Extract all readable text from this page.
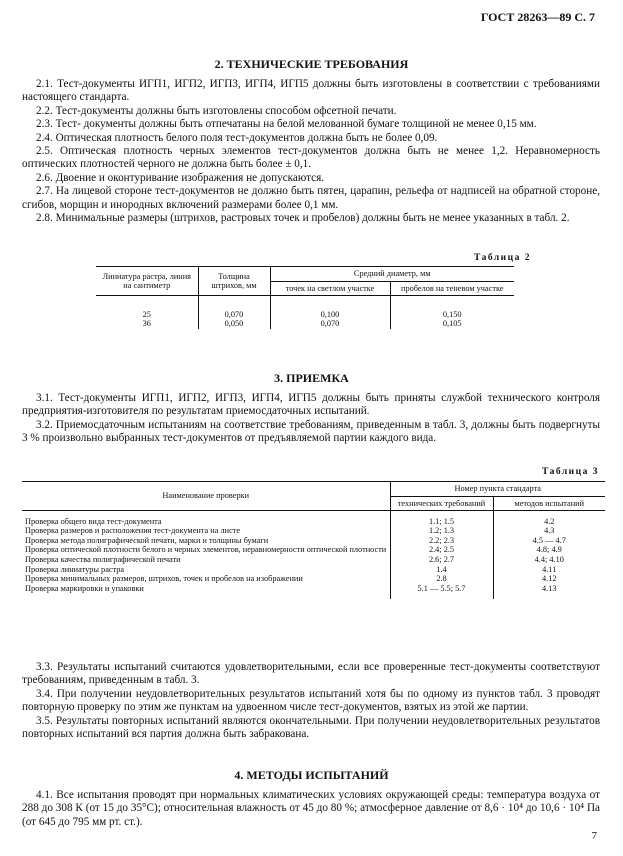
ГОСТ 28263—89 С. 7
2. ТЕХНИЧЕСКИЕ ТРЕБОВАНИЯ

2.1. Тест-документы ИГП1, ИГП2, ИГП3, ИГП4, ИГП5 должны быть изготовлены в соответствии с требованиями настоящего стандарта.

2.2. Тест-документы должны быть изготовлены способом офсетной печати.

2.3. Тест- документы должны быть отпечатаны на белой мелованной бумаге толщиной не менее 0,15 мм.

2.4. Оптическая плотность белого поля тест-документов должна быть не более 0,09.

2.5. Оптическая плотность черных элементов тест-документов должна быть не менее 1,2. Неравномерность оптических плотностей черного не должна быть более ± 0,1.

2.6. Двоение и оконтуривание изображения не допускаются.

2.7. На лицевой стороне тест-документов не должно быть пятен, царапин, рельефа от надписей на обратной стороне, сгибов, морщин и инородных включений размерами более 0,1 мм.

2.8. Минимальные размеры (штрихов, растровых точек и пробелов) должны быть не менее указанных в табл. 2.

Таблица 2
Линиатура растра, линия на сантиметр	Толщина штрихов, мм	Средний диаметр, мм	
		точек на светлом участке	пробелов на теневом участке

25	0,070	0,100	0,150
36	0,050	0,070	0,105
3. ПРИЕМКА

3.1. Тест-документы ИГП1, ИГП2, ИГП3, ИГП4, ИГП5 должны быть приняты службой технического контроля предприятия-изготовителя по результатам приемосдаточных испытаний.

3.2. Приемосдаточным испытаниям на соответствие требованиям, приведенным в табл. 3, должны быть подвергнуты 3 % произвольно выбранных тест-документов от предъявляемой партии каждого вида.

Таблица 3
Наименование проверки	Номер пункта стандарта	
	технических требований	методов испытаний

Проверка общего вида тест-документа	1.1; 1.5	4.2
Проверка размеров и расположения тест-документа на листе	1.2; 1.3	4.3
Проверка метода полиграфической печати, марки и толщины бумаги	2.2; 2.3	4.5 — 4.7
Проверка оптической плотности белого и черных элементов, неравномерности оптической плотности	2.4; 2.5	4.8; 4.9
Проверка качества полиграфической печати	2.6; 2.7	4.4; 4.10
Проверка линиатуры растра	1.4	4.11
Проверка минимальных размеров, штрихов, точек и пробелов на изображении	2.8	4.12
Проверка маркировки и упаковки	5.1 — 5.5; 5.7	4.13

3.3. Результаты испытаний считаются удовлетворительными, если все проверенные тест-документы соответствуют требованиям, приведенным в табл. 3.

3.4. При получении неудовлетворительных результатов испытаний хотя бы по одному из пунктов табл. 3 проводят повторную проверку по этим же пунктам на удвоенном числе тест-документов, взятых из этой же партии.

3.5. Результаты повторных испытаний являются окончательными. При получении неудовлетворительных результатов повторных испытаний вся партия должна быть забракована.

4. МЕТОДЫ ИСПЫТАНИЙ

4.1. Все испытания проводят при нормальных климатических условиях окружающей среды: температура воздуха от 288 до 308 К (от 15 до 35°С); относительная влажность от 45 до 80 %; атмосферное давление от 8,6 · 10⁴ до 10,6 · 10⁴ Па (от 645 до 795 мм рт. ст.).

7
